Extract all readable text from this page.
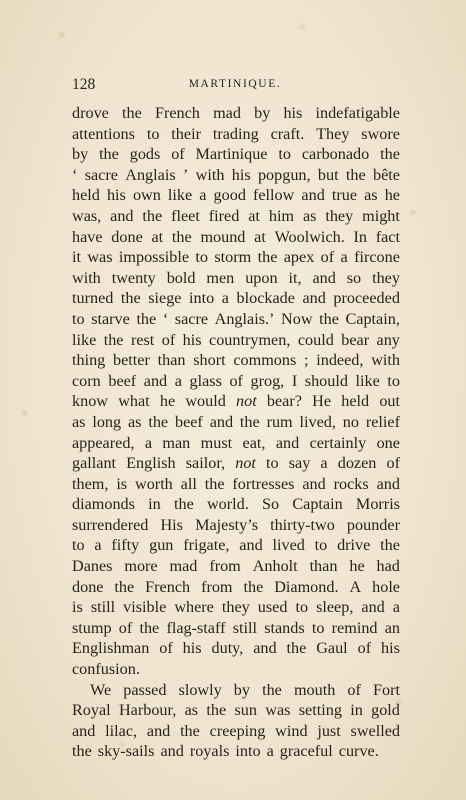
128	MARTINIQUE.
drove the French mad by his indefatigable
attentions to their trading craft. They swore
by the gods of Martinique to carbonado the
‘ sacre Anglais ’ with his popgun, but the bête
held his own like a good fellow and true as he
was, and the fleet fired at him as they might
have done at the mound at Woolwich. In fact
it was impossible to storm the apex of a fircone
with twenty bold men upon it, and so they
turned the siege into a blockade and proceeded
to starve the ‘ sacre Anglais.’ Now the Captain,
like the rest of his countrymen, could bear any
thing better than short commons ; indeed, with
corn beef and a glass of grog, I should like to
know what he would not bear? He held out
as long as the beef and the rum lived, no relief
appeared, a man must eat, and certainly one
gallant English sailor, not to say a dozen of
them, is worth all the fortresses and rocks and
diamonds in the world. So Captain Morris
surrendered His Majesty’s thirty-two pounder
to a fifty gun frigate, and lived to drive the
Danes more mad from Anholt than he had
done the French from the Diamond. A hole
is still visible where they used to sleep, and a
stump of the flag-staff still stands to remind an
Englishman of his duty, and the Gaul of his
confusion.
We passed slowly by the mouth of Fort
Royal Harbour, as the sun was setting in gold
and lilac, and the creeping wind just swelled
the sky-sails and royals into a graceful curve.
